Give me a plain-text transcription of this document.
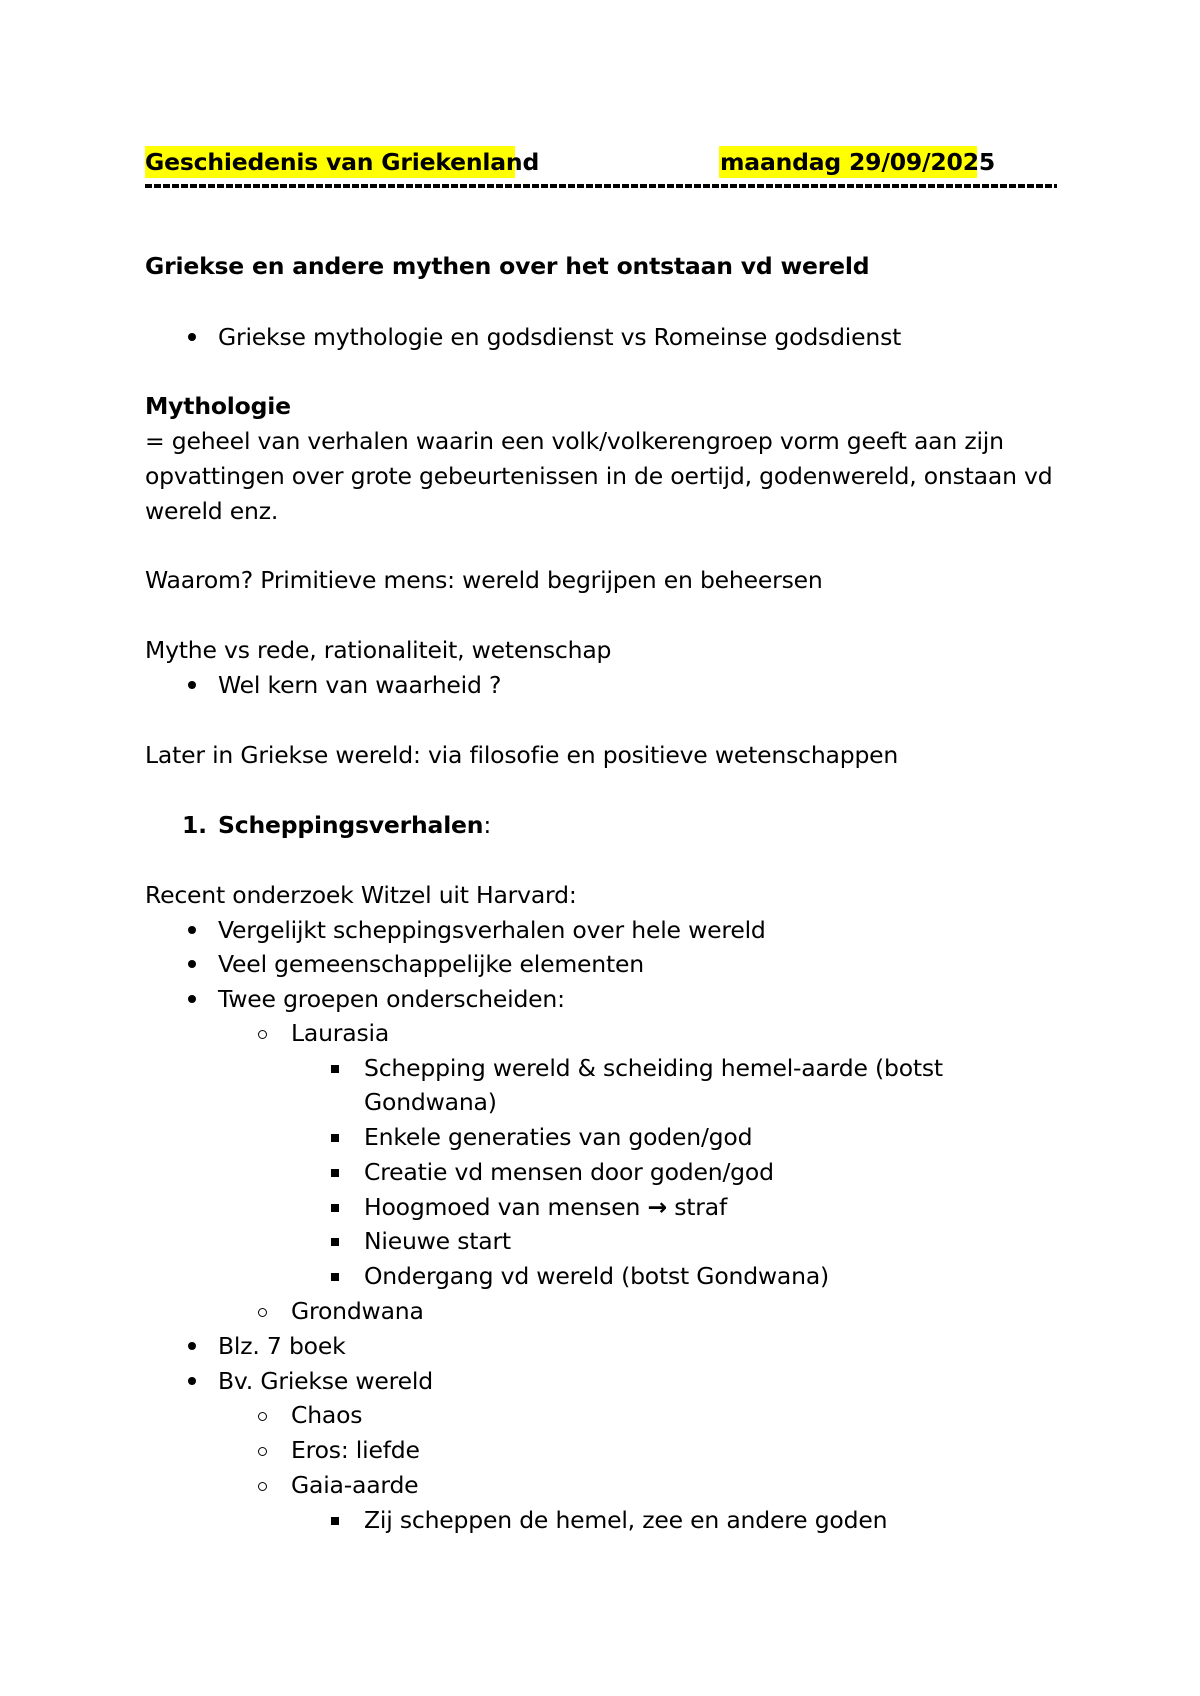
Geschiedenis van Griekenland	maandag 29/09/2025
Griekse en andere mythen over het ontstaan vd wereld
Griekse mythologie en godsdienst vs Romeinse godsdienst
Mythologie
= geheel van verhalen waarin een volk/volkerengroep vorm geeft aan zijn
opvattingen over grote gebeurtenissen in de oertijd, godenwereld, onstaan vd
wereld enz.
Waarom? Primitieve mens: wereld begrijpen en beheersen
Mythe vs rede, rationaliteit, wetenschap
Wel kern van waarheid ?
Later in Griekse wereld: via filosofie en positieve wetenschappen
1. Scheppingsverhalen:
Recent onderzoek Witzel uit Harvard:
Vergelijkt scheppingsverhalen over hele wereld
Veel gemeenschappelijke elementen
Twee groepen onderscheiden:
Laurasia
Schepping wereld & scheiding hemel-aarde (botst
Gondwana)
Enkele generaties van goden/god
Creatie vd mensen door goden/god
Hoogmoed van mensen → straf
Nieuwe start
Ondergang vd wereld (botst Gondwana)
Grondwana
Blz. 7 boek
Bv. Griekse wereld
Chaos
Eros: liefde
Gaia-aarde
Zij scheppen de hemel, zee en andere goden
